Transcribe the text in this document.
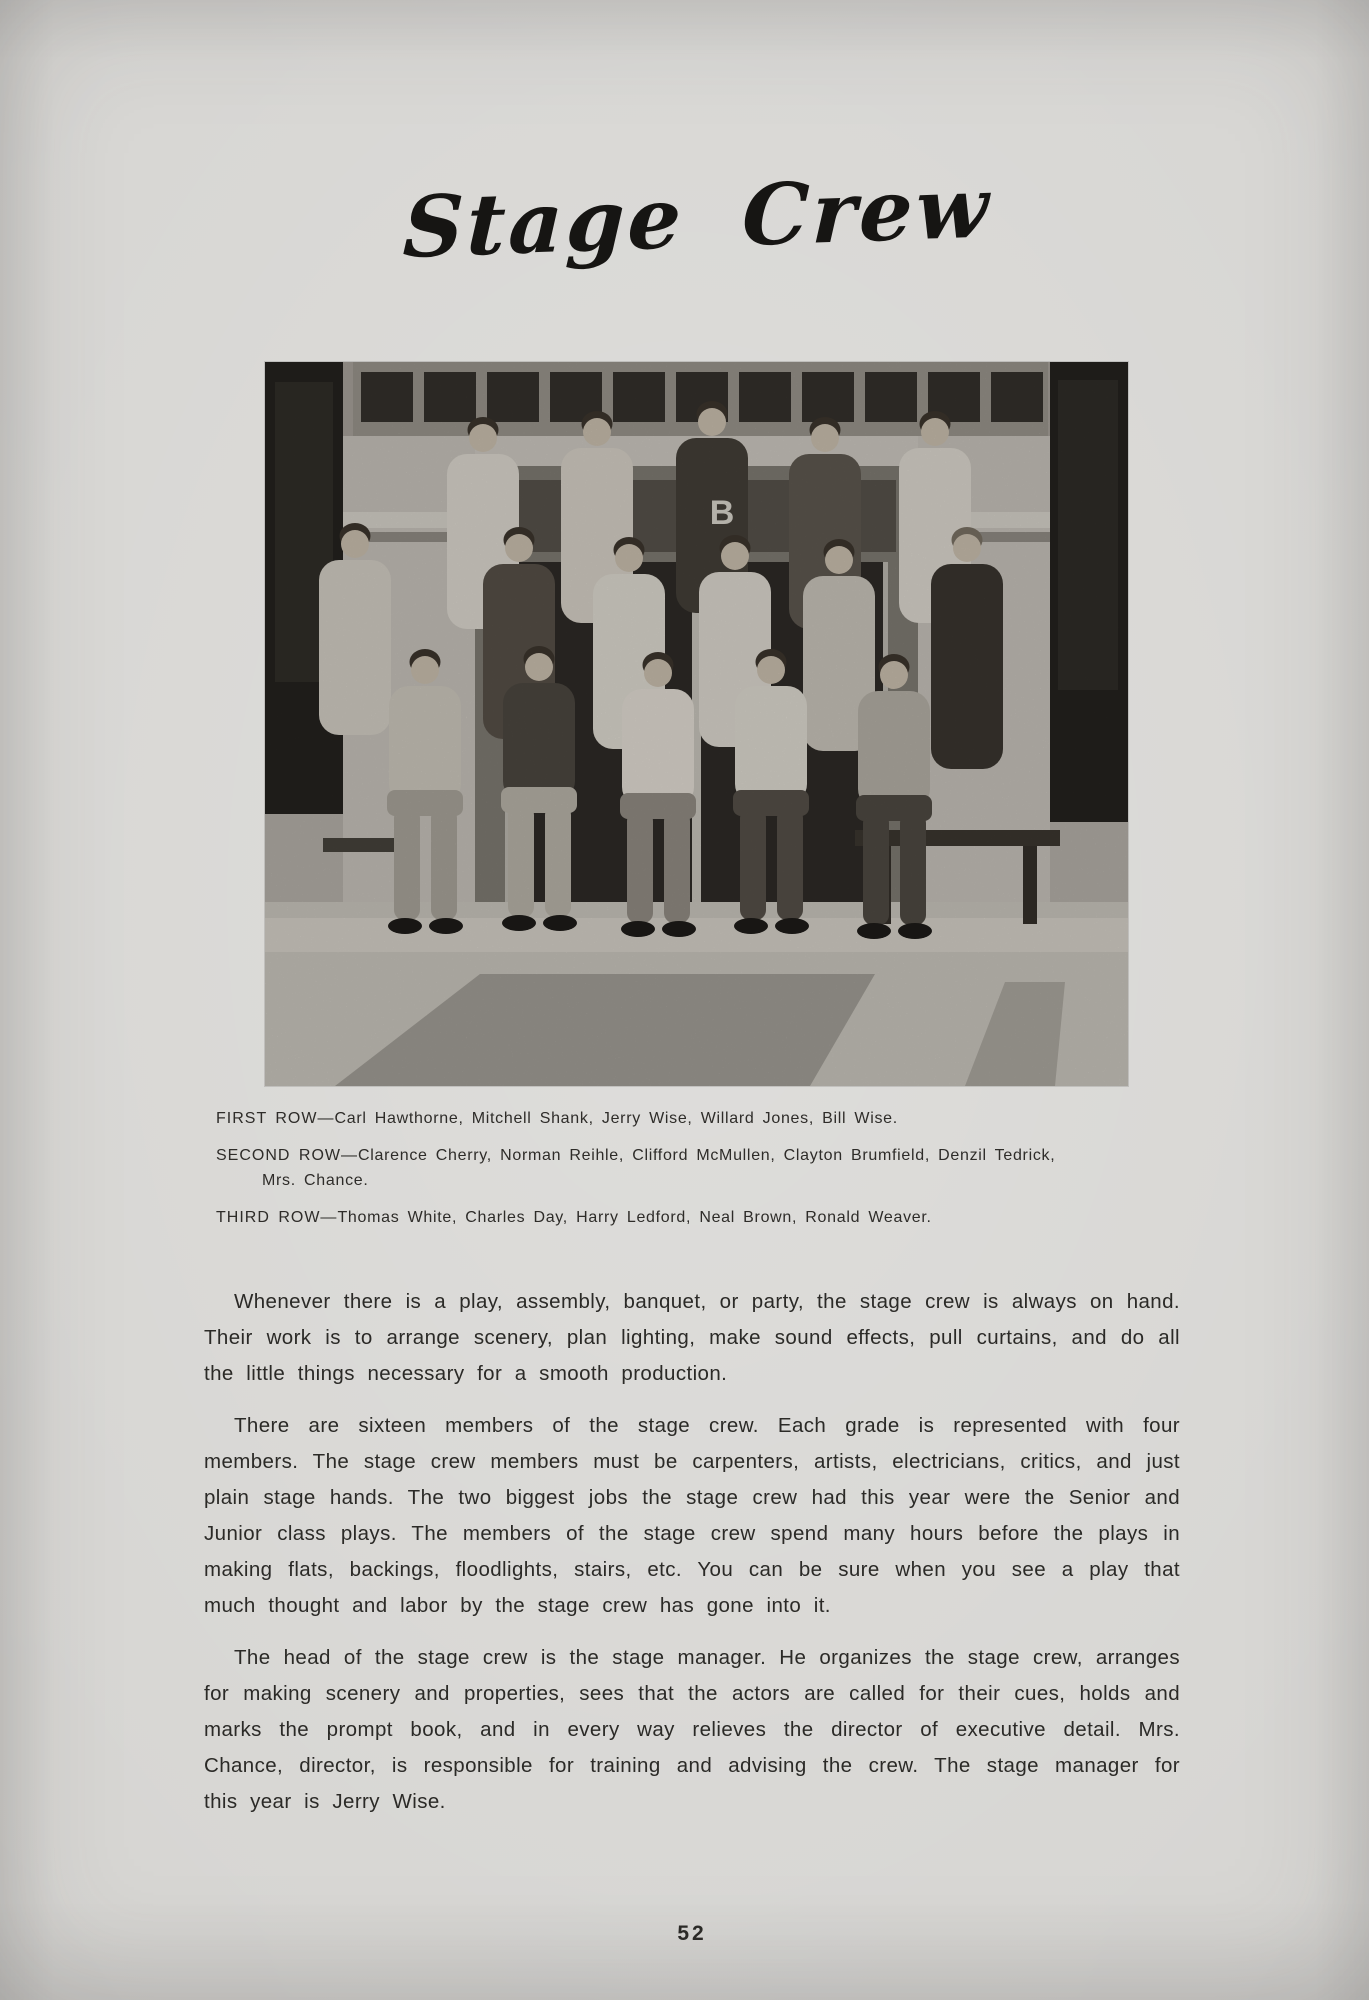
Stage Crew
B
FIRST ROW—Carl Hawthorne, Mitchell Shank, Jerry Wise, Willard Jones, Bill Wise.
SECOND ROW—Clarence Cherry, Norman Reihle, Clifford McMullen, Clayton Brumfield, Denzil Tedrick,
Mrs. Chance.
THIRD ROW—Thomas White, Charles Day, Harry Ledford, Neal Brown, Ronald Weaver.

Whenever there is a play, assembly, banquet, or party, the stage crew is always on hand. Their work is to arrange scenery, plan lighting, make sound effects, pull curtains, and do all the little things necessary for a smooth production.

There are sixteen members of the stage crew. Each grade is represented with four members. The stage crew members must be carpenters, artists, electricians, critics, and just plain stage hands. The two biggest jobs the stage crew had this year were the Senior and Junior class plays. The members of the stage crew spend many hours before the plays in making flats, backings, floodlights, stairs, etc. You can be sure when you see a play that much thought and labor by the stage crew has gone into it.

The head of the stage crew is the stage manager. He organizes the stage crew, arranges for making scenery and properties, sees that the actors are called for their cues, holds and marks the prompt book, and in every way relieves the director of executive detail. Mrs. Chance, director, is responsible for training and advising the crew. The stage manager for this year is Jerry Wise.

52
